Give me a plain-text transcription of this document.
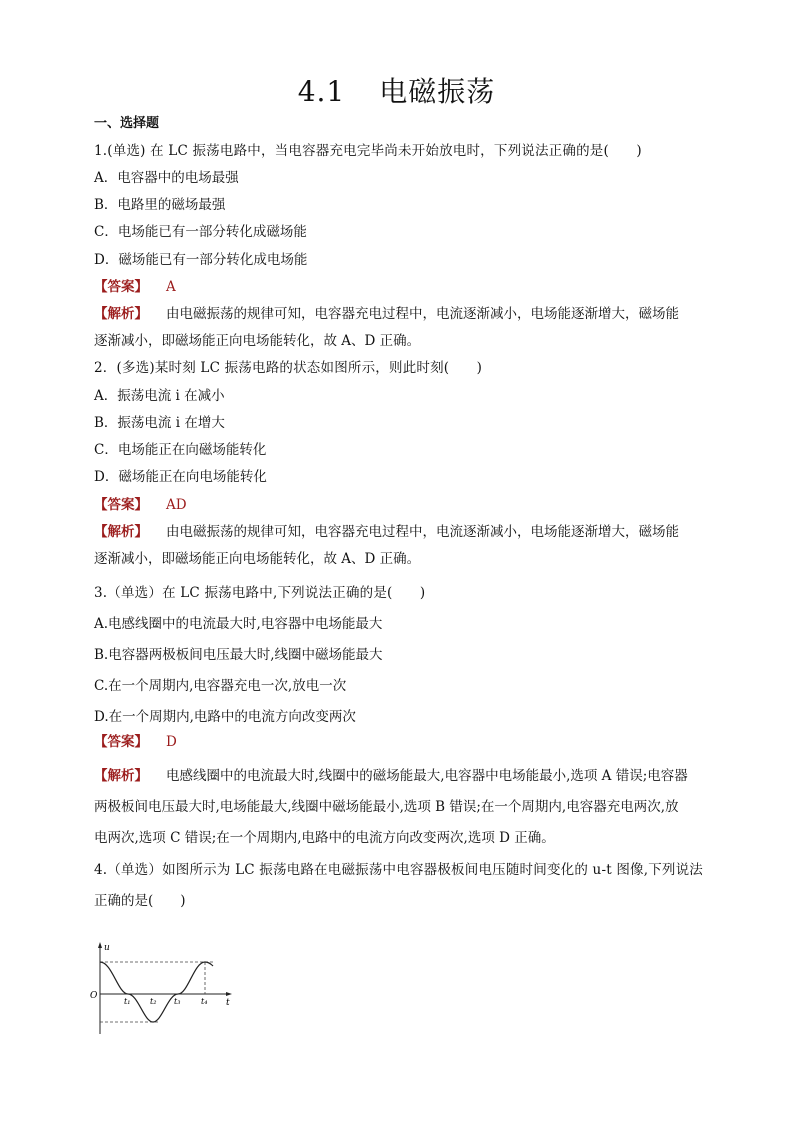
4.1 电磁振荡
一、选择题
1.(单选) 在 LC 振荡电路中，当电容器充电完毕尚未开始放电时，下列说法正确的是(　　)
A．电容器中的电场最强
B．电路里的磁场最强
C．电场能已有一部分转化成磁场能
D．磁场能已有一部分转化成电场能
【答案】 A
【解析】 由电磁振荡的规律可知，电容器充电过程中，电流逐渐减小，电场能逐渐增大，磁场能
逐渐减小，即磁场能正向电场能转化，故 A、D 正确。
2．(多选)某时刻 LC 振荡电路的状态如图所示，则此时刻(　　)
A．振荡电流 i 在减小
B．振荡电流 i 在增大
C．电场能正在向磁场能转化
D．磁场能正在向电场能转化
【答案】 AD
【解析】 由电磁振荡的规律可知，电容器充电过程中，电流逐渐减小，电场能逐渐增大，磁场能
逐渐减小，即磁场能正向电场能转化，故 A、D 正确。
3.（单选）在 LC 振荡电路中,下列说法正确的是(　　)
A.电感线圈中的电流最大时,电容器中电场能最大
B.电容器两极板间电压最大时,线圈中磁场能最大
C.在一个周期内,电容器充电一次,放电一次
D.在一个周期内,电路中的电流方向改变两次
【答案】 D
【解析】 电感线圈中的电流最大时,线圈中的磁场能最大,电容器中电场能最小,选项 A 错误;电容器
两极板间电压最大时,电场能最大,线圈中磁场能最小,选项 B 错误;在一个周期内,电容器充电两次,放
电两次,选项 C 错误;在一个周期内,电路中的电流方向改变两次,选项 D 正确。
4.（单选）如图所示为 LC 振荡电路在电磁振荡中电容器极板间电压随时间变化的 u-t 图像,下列说法
正确的是(　　)
u
t
O
t₁ t₂ t₃	t₄
